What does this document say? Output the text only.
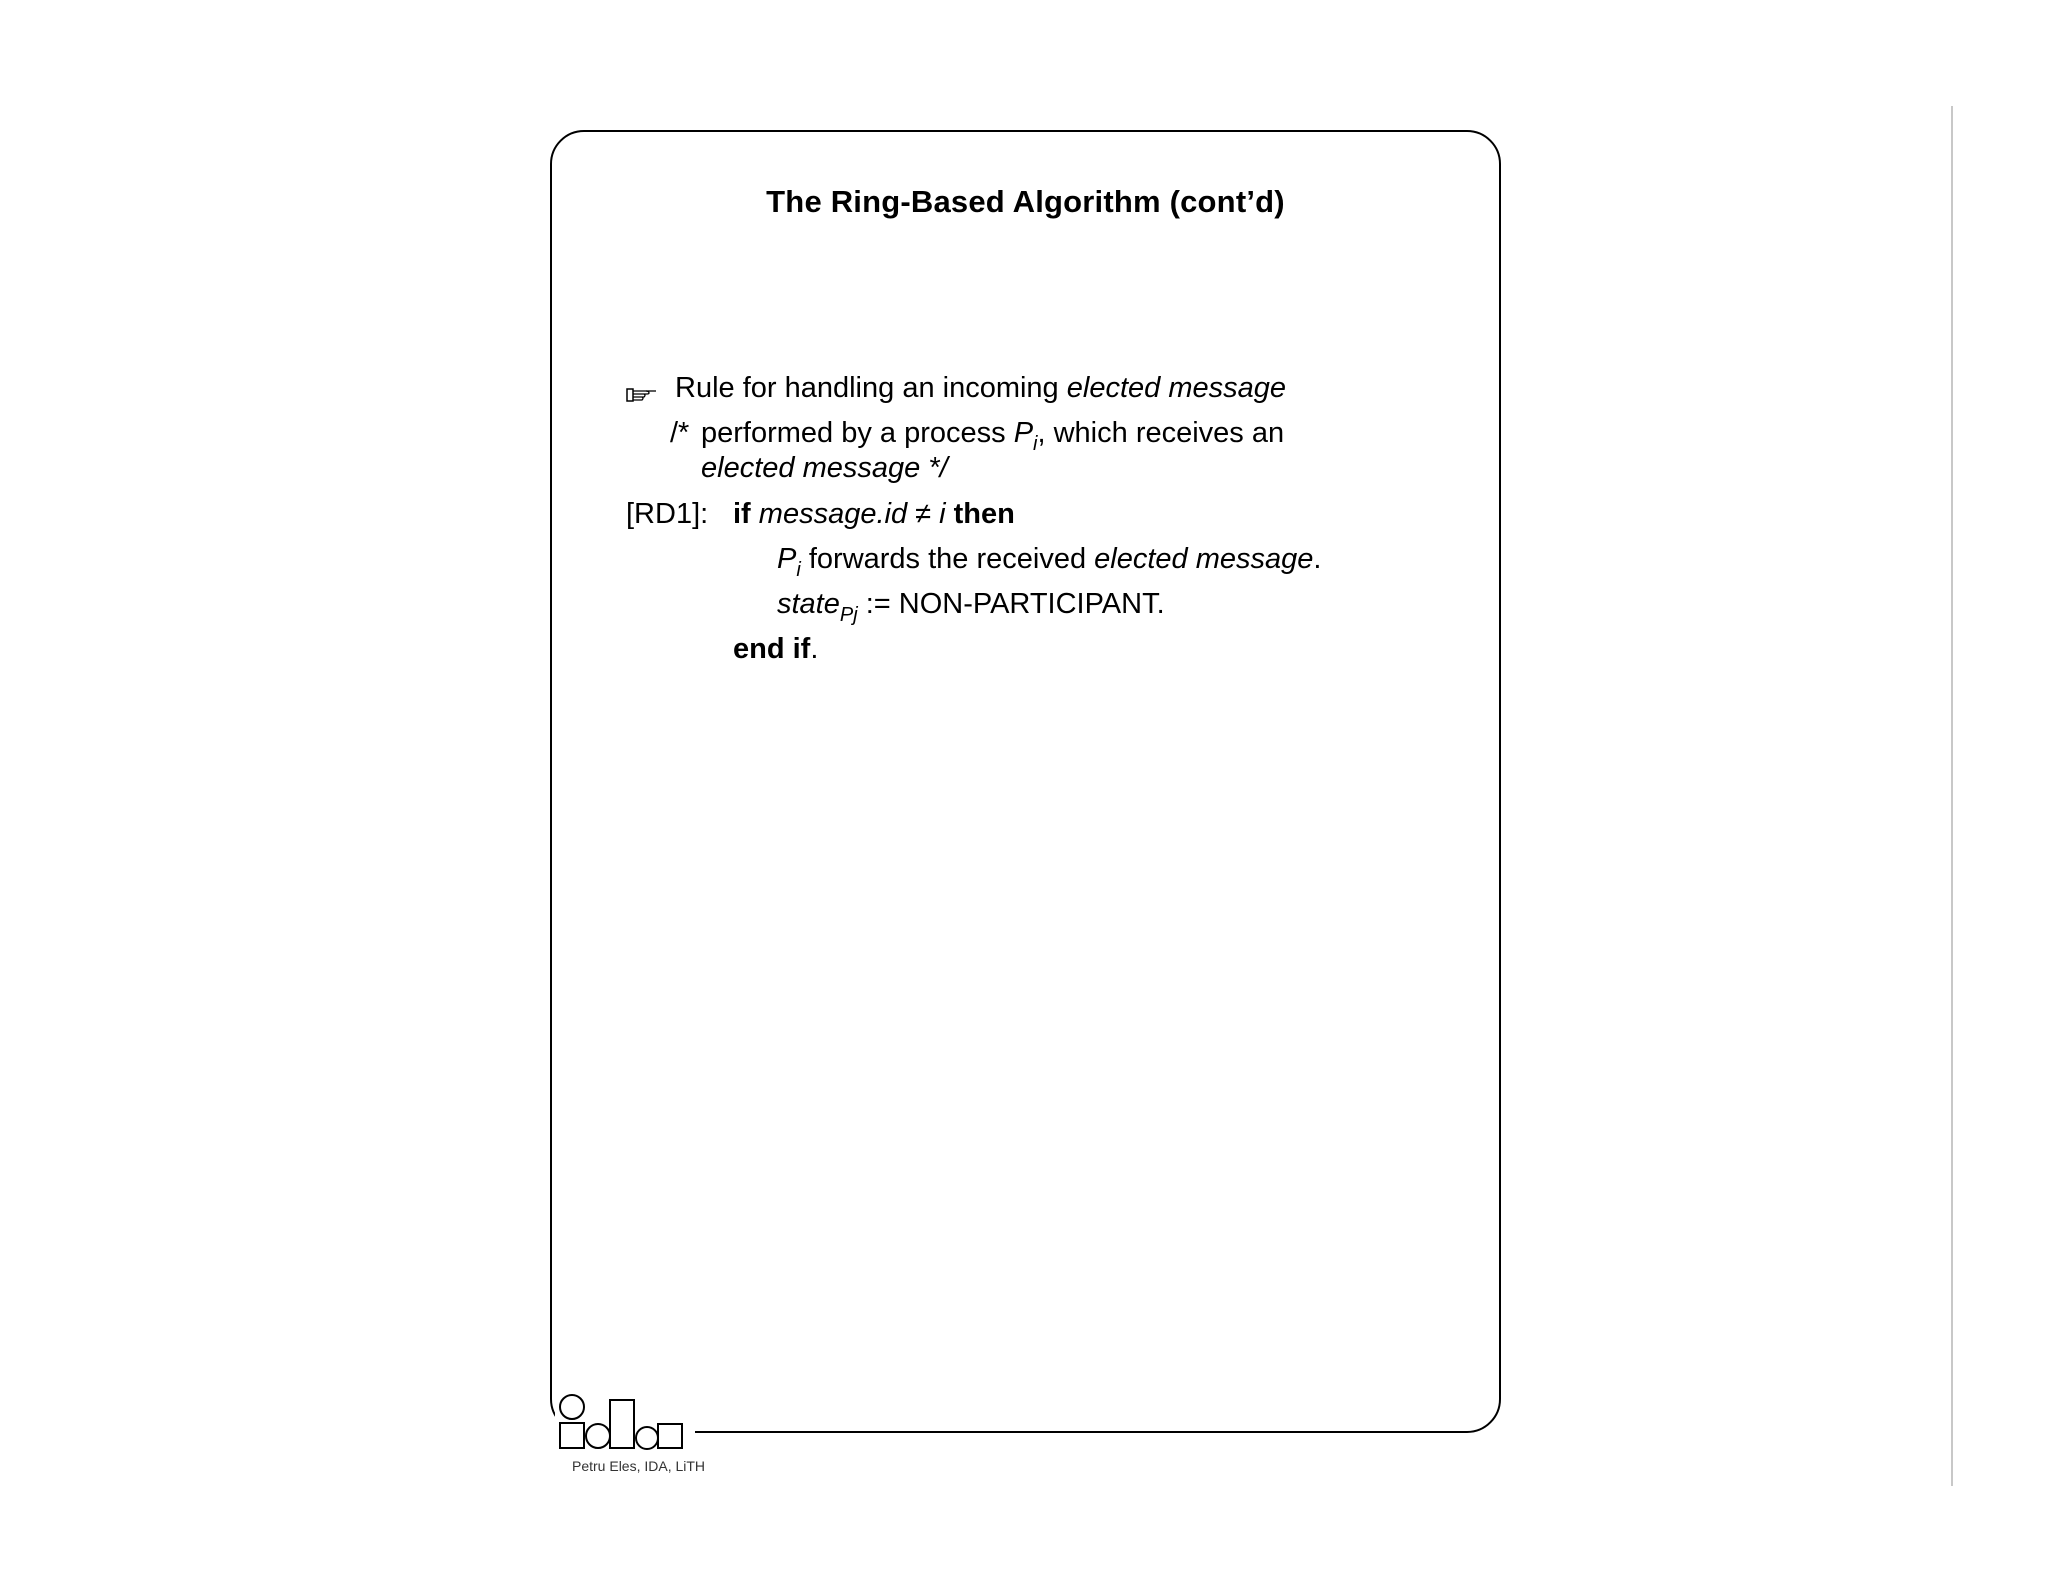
The Ring-Based Algorithm (cont’d)
Rule for handling an incoming elected message
/* performed by a process $P_i$, which receives an
elected message */
[RD1]: if message.id ≠ i then
$P_i$ forwards the received elected message.
state$_{Pj}$ := NON-PARTICIPANT.
end if.
Petru Eles, IDA, LiTH
